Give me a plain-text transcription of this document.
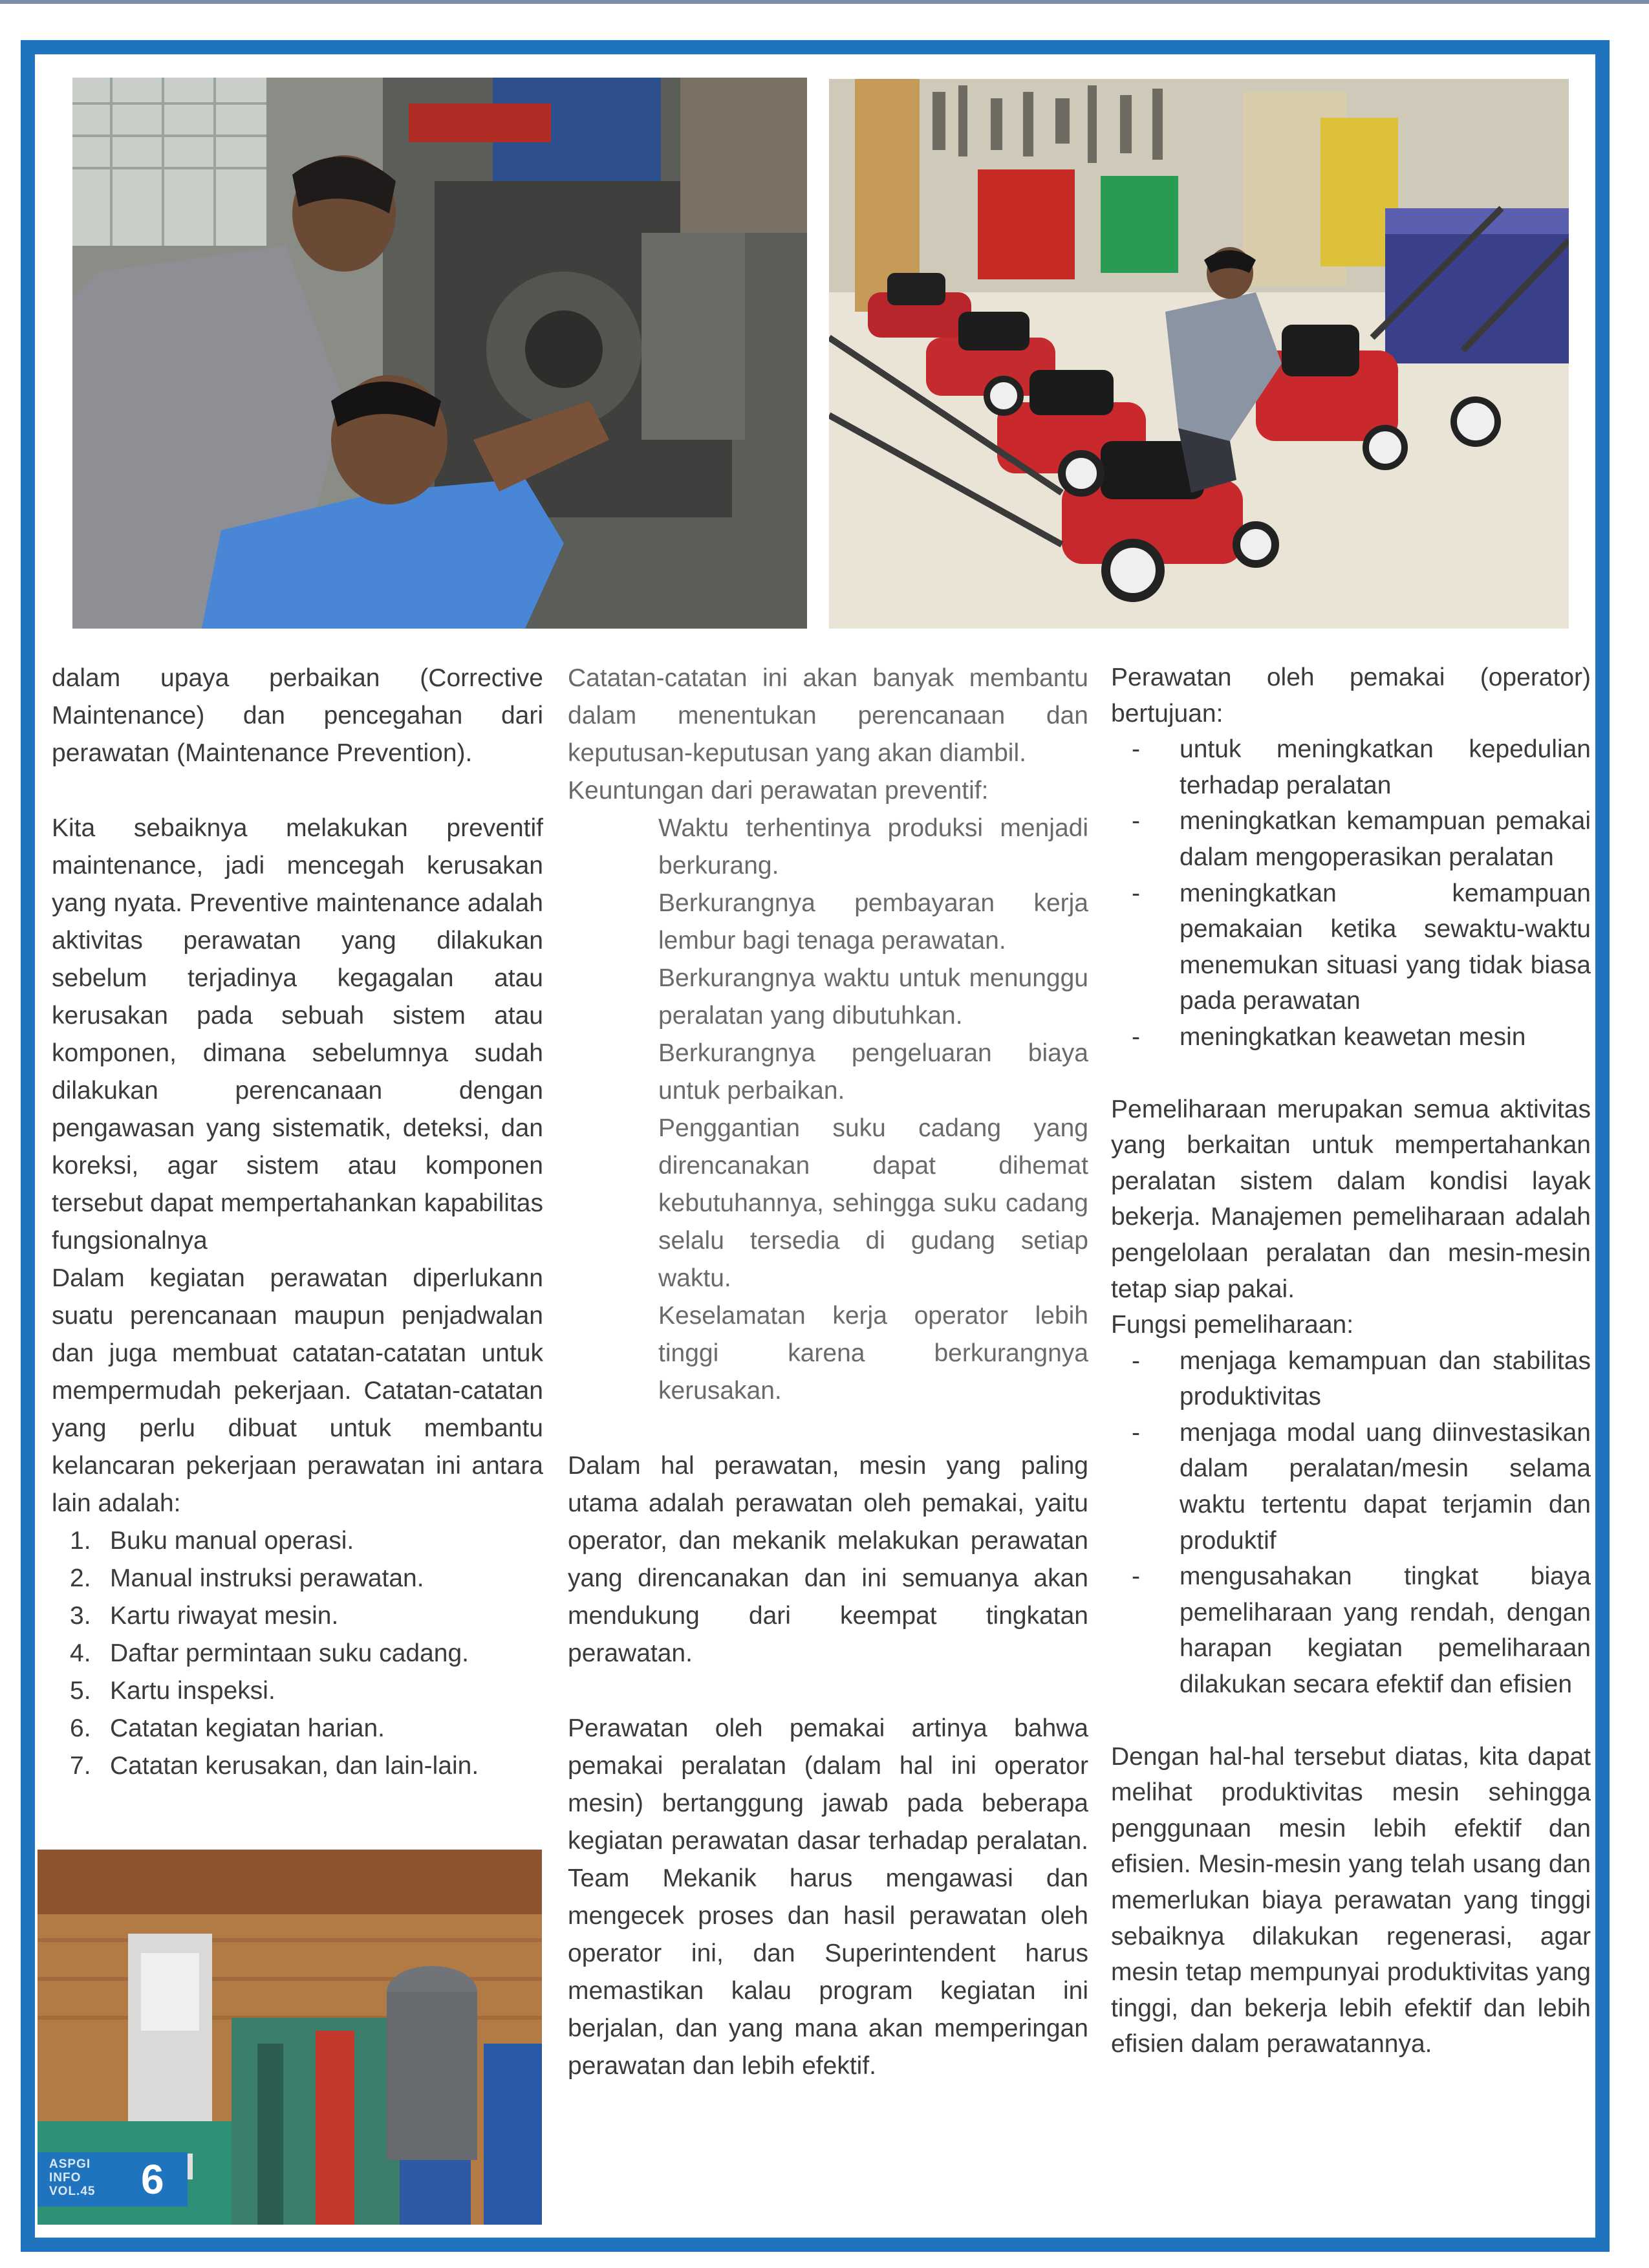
dalam upaya perbaikan (Corrective Maintenance) dan pencegahan dari perawatan (Maintenance Prevention).

Kita sebaiknya melakukan preventif maintenance, jadi mencegah kerusakan yang nyata. Preventive maintenance adalah aktivitas perawatan yang dilakukan sebelum terjadinya kegagalan atau kerusakan pada sebuah sistem atau komponen, dimana sebelumnya sudah dilakukan perencanaan dengan pengawasan yang sistematik, deteksi, dan koreksi, agar sistem atau komponen tersebut dapat mempertahankan kapabilitas fungsionalnya

Dalam kegiatan perawatan diperlukann suatu perencanaan maupun penjadwalan dan juga membuat catatan-catatan untuk mempermudah pekerjaan. Catatan-catatan yang perlu dibuat untuk membantu kelancaran pekerjaan perawatan ini antara lain adalah:

1. Buku manual operasi.
2. Manual instruksi perawatan.
3. Kartu riwayat mesin.
4. Daftar permintaan suku cadang.
5. Kartu inspeksi.
6. Catatan kegiatan harian.
7. Catatan kerusakan, dan lain-lain.

Catatan-catatan ini akan banyak membantu dalam menentukan perencanaan dan keputusan-keputusan yang akan diambil.

Keuntungan dari perawatan preventif:

Waktu terhentinya produksi menjadi berkurang.

Berkurangnya pembayaran kerja lembur bagi tenaga perawatan.

Berkurangnya waktu untuk menunggu peralatan yang dibutuhkan.

Berkurangnya pengeluaran biaya untuk perbaikan.

Penggantian suku cadang yang direncanakan dapat dihemat kebutuhannya, sehingga suku cadang selalu tersedia di gudang setiap waktu.

Keselamatan kerja operator lebih tinggi karena berkurangnya kerusakan.

Dalam hal perawatan, mesin yang paling utama adalah perawatan oleh pemakai, yaitu operator, dan mekanik melakukan perawatan yang direncanakan dan ini semuanya akan mendukung dari keempat tingkatan perawatan.

Perawatan oleh pemakai artinya bahwa pemakai peralatan (dalam hal ini operator mesin) bertanggung jawab pada beberapa kegiatan perawatan dasar terhadap peralatan. Team Mekanik harus mengawasi dan mengecek proses dan hasil perawatan oleh operator ini, dan Superintendent harus memastikan kalau program kegiatan ini berjalan, dan yang mana akan memperingan perawatan dan lebih efektif.

Perawatan oleh pemakai (operator) bertujuan:

-	untuk meningkatkan kepedulian terhadap peralatan
-	meningkatkan kemampuan pemakai dalam mengoperasikan peralatan
-	meningkatkan kemampuan pemakaian ketika sewaktu-waktu menemukan situasi yang tidak biasa pada perawatan
-	meningkatkan keawetan mesin

Pemeliharaan merupakan semua aktivitas yang berkaitan untuk mempertahankan peralatan sistem dalam kondisi layak bekerja. Manajemen pemeliharaan adalah pengelolaan peralatan dan mesin-mesin tetap siap pakai.

Fungsi pemeliharaan:

-	menjaga kemampuan dan stabilitas produktivitas
-	menjaga modal uang diinvestasikan dalam peralatan/mesin selama waktu tertentu dapat terjamin dan produktif
-	mengusahakan tingkat biaya pemeliharaan yang rendah, dengan harapan kegiatan pemeliharaan dilakukan secara efektif dan efisien

Dengan hal-hal tersebut diatas, kita dapat melihat produktivitas mesin sehingga penggunaan mesin lebih efektif dan efisien. Mesin-mesin yang telah usang dan memerlukan biaya perawatan yang tinggi sebaiknya dilakukan regenerasi, agar mesin tetap mempunyai produktivitas yang tinggi, dan bekerja lebih efektif dan lebih efisien dalam perawatannya.

ASPGI
INFO
VOL.45 6
